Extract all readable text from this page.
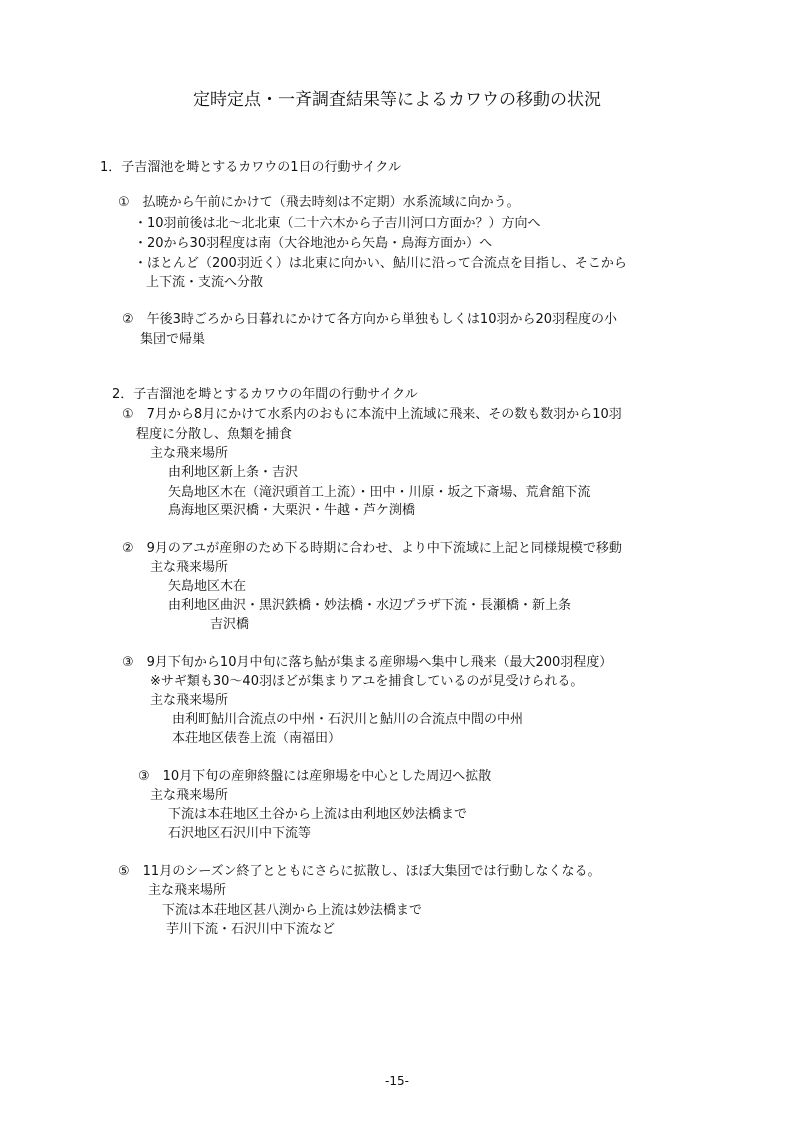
定時定点・一斉調査結果等によるカワウの移動の状況
1．子吉溜池を塒とするカワウの1日の行動サイクル
①　払暁から午前にかけて（飛去時刻は不定期）水系流域に向かう。
・10羽前後は北～北北東（二十六木から子吉川河口方面か？）方向へ
・20から30羽程度は南（大谷地池から矢島・鳥海方面か）へ
・ほとんど（200羽近く）は北東に向かい、鮎川に沿って合流点を目指し、そこから
上下流・支流へ分散
②　午後3時ごろから日暮れにかけて各方向から単独もしくは10羽から20羽程度の小
集団で帰巣
2．子吉溜池を塒とするカワウの年間の行動サイクル
①　7月から8月にかけて水系内のおもに本流中上流域に飛来、その数も数羽から10羽
程度に分散し、魚類を捕食
主な飛来場所
由利地区新上条・吉沢
矢島地区木在（滝沢頭首工上流）・田中・川原・坂之下斎場、荒倉舘下流
鳥海地区栗沢橋・大栗沢・牛越・芦ケ渕橋
②　9月のアユが産卵のため下る時期に合わせ、より中下流域に上記と同様規模で移動
主な飛来場所
矢島地区木在
由利地区曲沢・黒沢鉄橋・妙法橋・水辺プラザ下流・長瀬橋・新上条
吉沢橋
③　9月下旬から10月中旬に落ち鮎が集まる産卵場へ集中し飛来（最大200羽程度）
※サギ類も30～40羽ほどが集まりアユを捕食しているのが見受けられる。
主な飛来場所
由利町鮎川合流点の中州・石沢川と鮎川の合流点中間の中州
本荘地区俵巻上流（南福田）
③　10月下旬の産卵終盤には産卵場を中心とした周辺へ拡散
主な飛来場所
下流は本荘地区土谷から上流は由利地区妙法橋まで
石沢地区石沢川中下流等
⑤　11月のシーズン終了とともにさらに拡散し、ほぼ大集団では行動しなくなる。
主な飛来場所
下流は本荘地区甚八渕から上流は妙法橋まで
芋川下流・石沢川中下流など
-15-
